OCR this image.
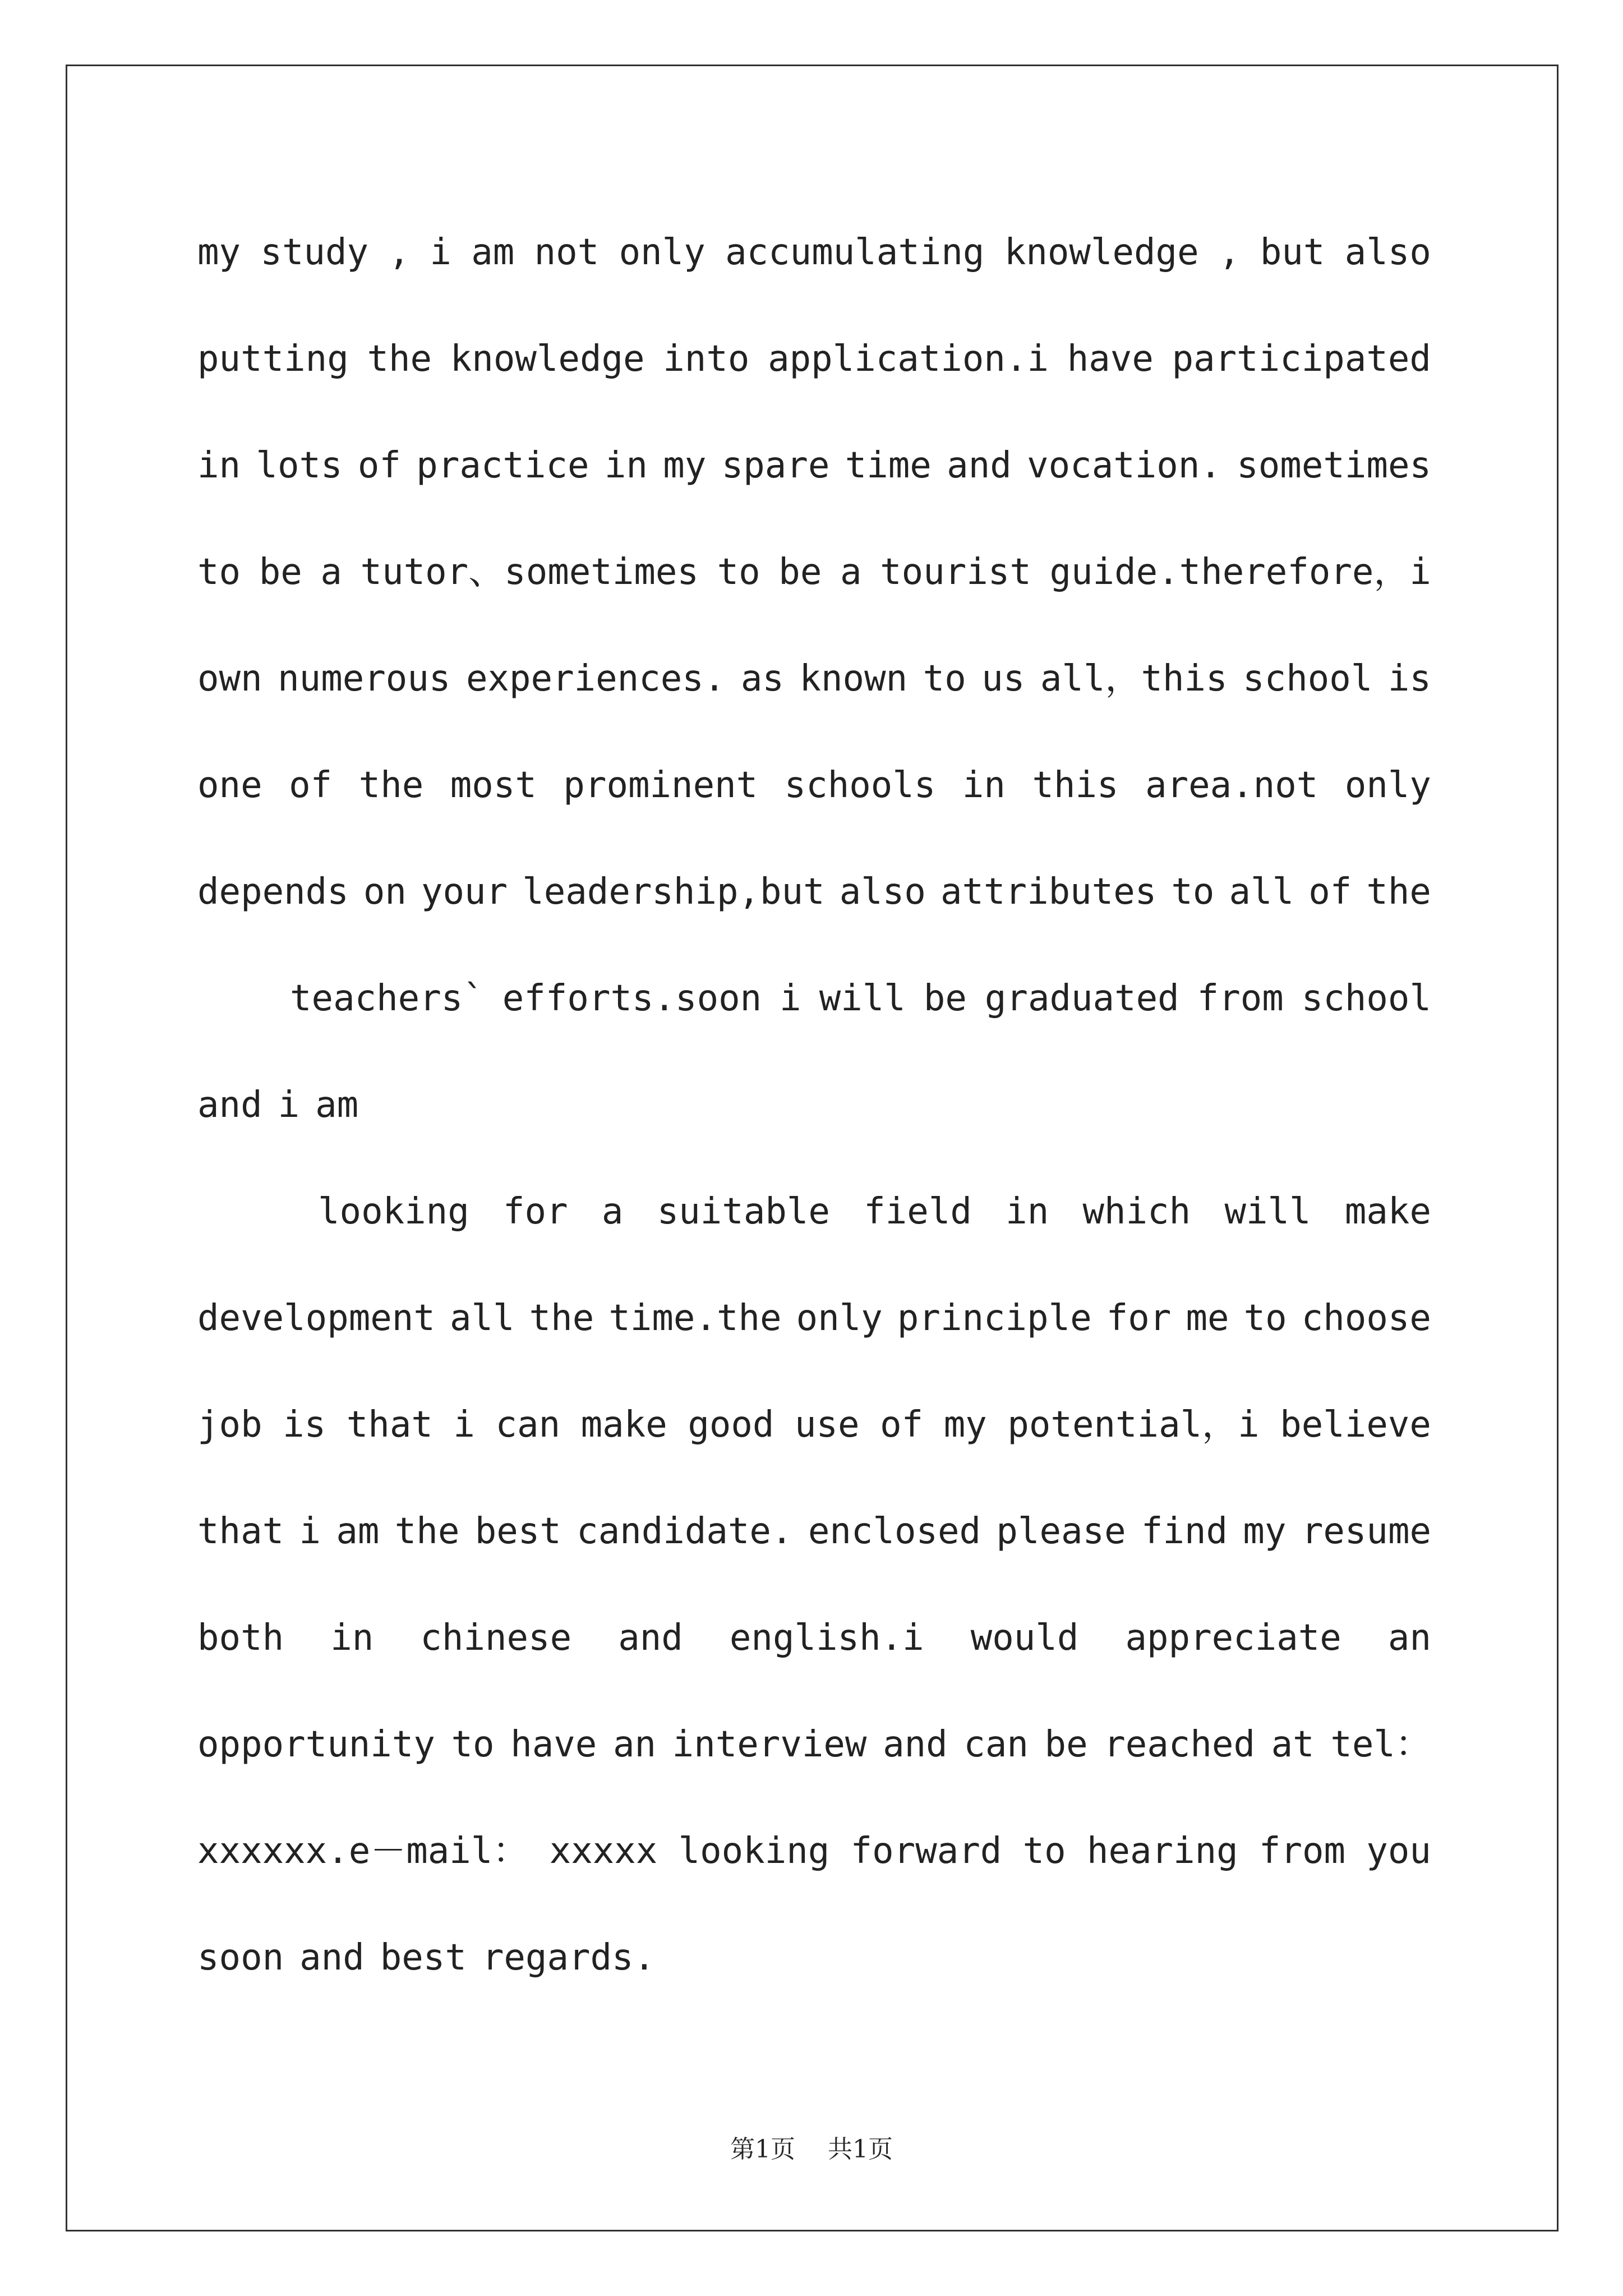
my study , i am not only accumulating knowledge , but also
putting the knowledge into application.i have participated
in lots of practice in my spare time and vocation. sometimes
to be a tutor、sometimes to be a tourist guide.therefore，i
own numerous experiences. as known to us all，this school is
one of the most prominent schools in this area.not only
depends on your leadership,but also attributes to all of the
teachers` efforts.soon i will be graduated from school
and i am
looking for a suitable field in which will make
development all the time.the only principle for me to choose
job is that i can make good use of my potential，i believe
that i am the best candidate. enclosed please find my resume
both in chinese and english.i would appreciate an
opportunity to have an interview and can be reached at tel：
xxxxxx.e－mail： xxxxx looking forward to hearing from you
soon and best regards.
第1页 共1页
